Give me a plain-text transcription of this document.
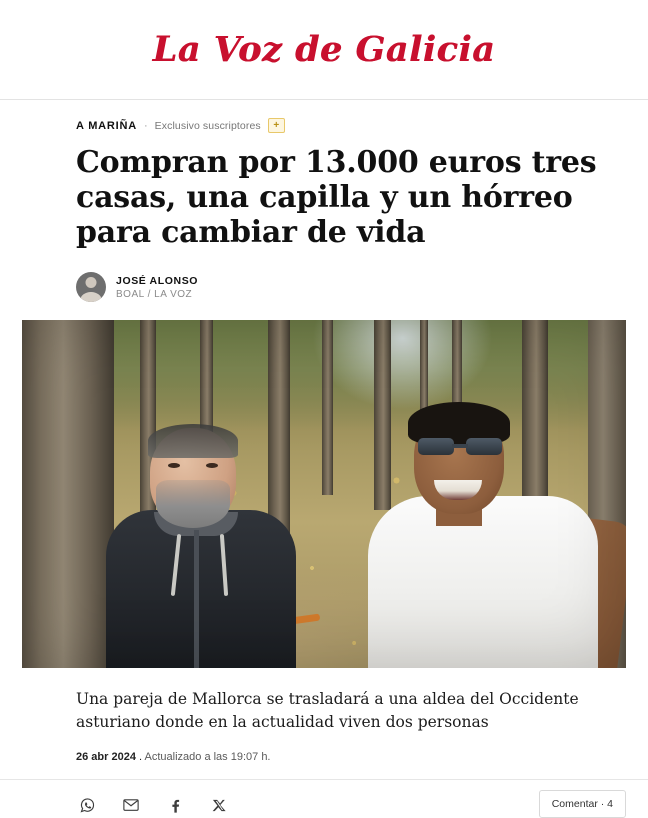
La Voz de Galicia
A MARIÑA · Exclusivo suscriptores	+
Compran por 13.000 euros tres casas, una capilla y un hórreo para cambiar de vida
JOSÉ ALONSO
BOAL / LA VOZ

Una pareja de Mallorca se trasladará a una aldea del Occidente asturiano donde en la actualidad viven dos personas

26 abr 2024 . Actualizado a las 19:07 h.
Comentar · 4
